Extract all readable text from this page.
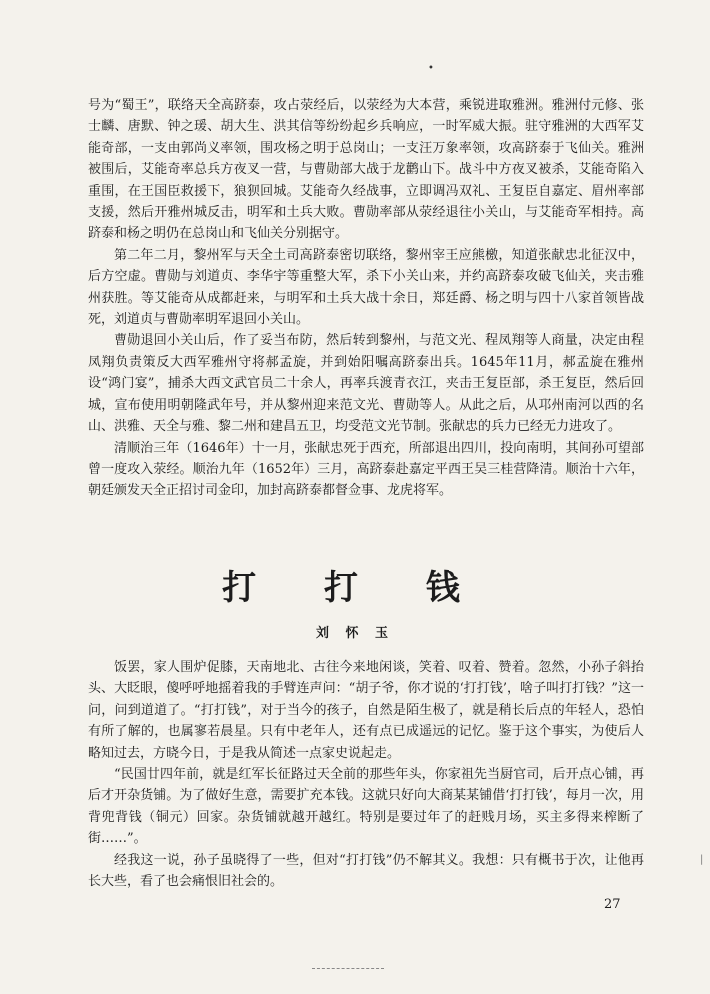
•
|

号为“蜀王”，联络天全高跻泰，攻占荥经后，以荥经为大本营，乘锐进取雅洲。雅洲付元修、张士麟、唐默、钟之瑗、胡大生、洪其信等纷纷起乡兵响应，一时军威大振。驻守雅洲的大西军艾能奇部，一支由郭尚义率领，围攻杨之明于总岗山；一支汪万象率领，攻高跻泰于飞仙关。雅洲被围后，艾能奇率总兵方夜叉一营，与曹勋部大战于龙鹳山下。战斗中方夜叉被杀，艾能奇陷入重围，在王国臣救援下，狼狈回城。艾能奇久经战事，立即调冯双礼、王复臣自嘉定、眉州率部支援，然后开雅州城反击，明军和土兵大败。曹勋率部从荥经退往小关山，与艾能奇军相持。高跻泰和杨之明仍在总岗山和飞仙关分别据守。

第二年二月，黎州军与天全土司高跻泰密切联络，黎州宰王应熊檄，知道张献忠北征汉中，后方空虚。曹勋与刘道贞、李华宇等重整大军，杀下小关山来，并约高跻泰攻破飞仙关，夹击雅州获胜。等艾能奇从成都赶来，与明军和土兵大战十余日，郑廷爵、杨之明与四十八家首领皆战死，刘道贞与曹勋率明军退回小关山。

曹勋退回小关山后，作了妥当布防，然后转到黎州，与范文光、程凤翔等人商量，决定由程凤翔负责策反大西军雅州守将郝孟旋，并到始阳嘱高跻泰出兵。1645年11月，郝孟旋在雅州设“鸿门宴”，捕杀大西文武官员二十余人，再率兵渡青衣江，夹击王复臣部，杀王复臣，然后回城，宣布使用明朝隆武年号，并从黎州迎来范文光、曹勋等人。从此之后，从邛州南河以西的名山、洪雅、天全与雅、黎二州和建昌五卫，均受范文光节制。张献忠的兵力已经无力进攻了。

清顺治三年（1646年）十一月，张献忠死于西充，所部退出四川，投向南明，其间孙可望部曾一度攻入荥经。顺治九年（1652年）三月，高跻泰赴嘉定平西王吴三桂营降清。顺治十六年，朝廷颁发天全正招讨司金印，加封高跻泰都督佥事、龙虎将军。

打 打 钱
刘 怀 玉

饭罢，家人围炉促膝，天南地北、古往今来地闲谈，笑着、叹着、赞着。忽然，小孙子斜抬头、大眨眼，傻呼呼地摇着我的手臂连声问：“胡子爷，你才说的‘打打钱’，啥子叫打打钱？”这一问，问到道道了。“打打钱”，对于当今的孩子，自然是陌生极了，就是稍长后点的年轻人，恐怕有所了解的，也属寥若晨星。只有中老年人，还有点已成遥远的记忆。鉴于这个事实，为使后人略知过去，方晓今日，于是我从简述一点家史说起走。

“民国廿四年前，就是红军长征路过天全前的那些年头，你家祖先当厨官司，后开点心铺，再后才开杂货铺。为了做好生意，需要扩充本钱。这就只好向大商某某铺借‘打打钱’，每月一次，用背兜背钱（铜元）回家。杂货铺就越开越红。特别是要过年了的赶贱月场，买主多得来榨断了街……”。

经我这一说，孙子虽晓得了一些，但对“打打钱”仍不解其义。我想：只有概书于次，让他再长大些，看了也会痛恨旧社会的。

27
